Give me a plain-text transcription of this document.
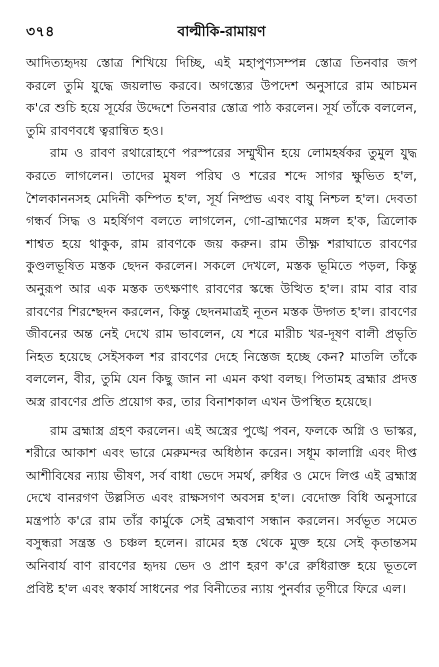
৩৭৪	বাল্মীকি-রামায়ণ

আদিত্যহৃদয় স্তোত্র শিখিয়ে দিচ্ছি, এই মহাপুণ্যসম্পন্ন স্তোত্র তিনবার জপ করলে তুমি যুদ্ধে জয়লাভ করবে। অগস্ত্যের উপদেশ অনুসারে রাম আচমন ক'রে শুচি হয়ে সূর্যের উদ্দেশে তিনবার স্তোত্র পাঠ করলেন। সূর্য তাঁকে বললেন, তুমি রাবণবধে ত্বরান্বিত হও।

রাম ও রাবণ রথারোহণে পরস্পরের সম্মুখীন হয়ে লোমহর্ষকর তুমুল যুদ্ধ করতে লাগলেন। তাদের মুষল পরিঘ ও শরের শব্দে সাগর ক্ষুভিত হ'ল, শৈলকাননসহ মেদিনী কম্পিত হ'ল, সূর্য নিষ্প্রভ এবং বায়ু নিশ্চল হ'ল। দেবতা গন্ধর্ব সিদ্ধ ও মহর্ষিগণ বলতে লাগলেন, গো-ব্রাহ্মণের মঙ্গল হ'ক, ত্রিলোক শাশ্বত হয়ে থাকুক, রাম রাবণকে জয় করুন। রাম তীক্ষ্ণ শরাঘাতে রাবণের কুণ্ডলভূষিত মস্তক ছেদন করলেন। সকলে দেখলে, মস্তক ভূমিতে পড়ল, কিন্তু অনুরূপ আর এক মস্তক তৎক্ষণাৎ রাবণের স্কন্ধে উত্থিত হ'ল। রাম বার বার রাবণের শিরশ্ছেদন করলেন, কিন্তু ছেদনমাত্রই নূতন মস্তক উদ্গত হ'ল। রাবণের জীবনের অন্ত নেই দেখে রাম ভাবলেন, যে শরে মারীচ খর-দূষণ বালী প্রভৃতি নিহত হয়েছে সেইসকল শর রাবণের দেহে নিস্তেজ হচ্ছে কেন? মাতলি তাঁকে বললেন, বীর, তুমি যেন কিছু জান না এমন কথা বলছ। পিতামহ ব্রহ্মার প্রদত্ত অস্ত্র রাবণের প্রতি প্রয়োগ কর, তার বিনাশকাল এখন উপস্থিত হয়েছে।

রাম ব্রহ্মাস্ত্র গ্রহণ করলেন। এই অস্ত্রের পুঙ্খে পবন, ফলকে অগ্নি ও ভাস্কর, শরীরে আকাশ এবং ভারে মেরুমন্দর অধিষ্ঠান করেন। সধূম কালাগ্নি এবং দীপ্ত আশীবিষের ন্যায় ভীষণ, সর্ব বাধা ভেদে সমর্থ, রুধির ও মেদে লিপ্ত এই ব্রহ্মাস্ত্র দেখে বানরগণ উল্লসিত এবং রাক্ষসগণ অবসন্ন হ'ল। বেদোক্ত বিধি অনুসারে মন্ত্রপাঠ ক'রে রাম তাঁর কার্মুকে সেই ব্রহ্মবাণ সন্ধান করলেন। সর্বভূত সমেত বসুন্ধরা সন্ত্রস্ত ও চঞ্চল হলেন। রামের হস্ত থেকে মুক্ত হয়ে সেই কৃতান্তসম অনিবার্য বাণ রাবণের হৃদয় ভেদ ও প্রাণ হরণ ক'রে রুধিরাক্ত হয়ে ভূতলে প্রবিষ্ট হ'ল এবং স্বকার্য সাধনের পর বিনীতের ন্যায় পুনর্বার তূণীরে ফিরে এল।
